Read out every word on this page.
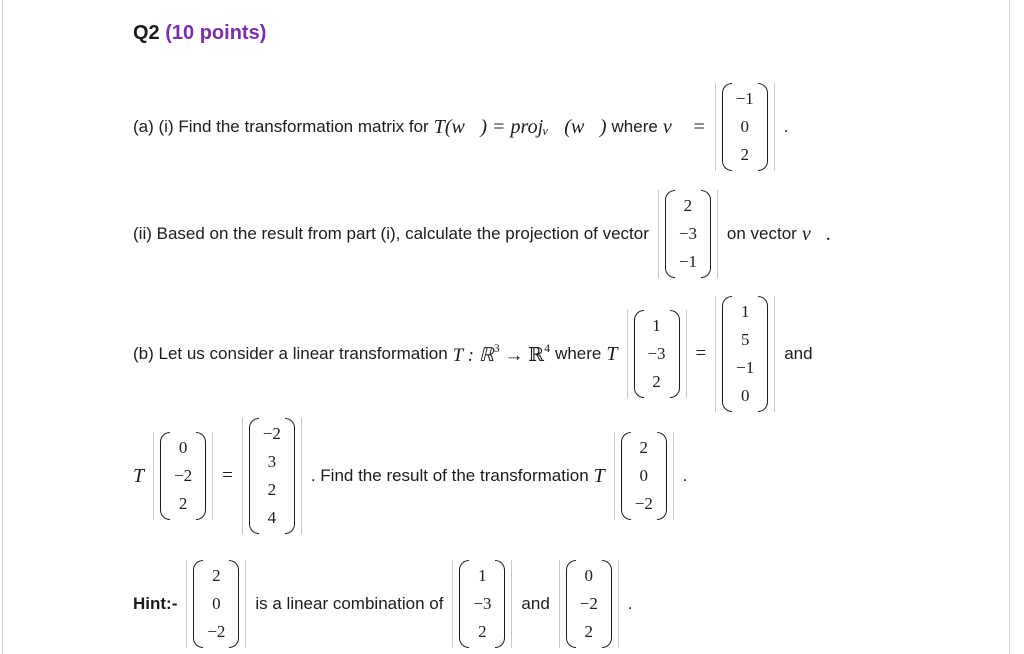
Q2 (10 points)
(a) (i) Find the transformation matrix for T(w⃗) = projᵥ⃗(w⃗) where v⃗ =
−1
0
2
.
(ii) Based on the result from part (i), calculate the projection of vector
2
−3
−1
on vector v⃗.
(b) Let us consider a linear transformation T : ℝ$^3$ → ℝ$^4$ where T
1
−3
2
=
1
5
−1
0
and
T
0
−2
2
=
−2
3
2
4
. Find the result of the transformation T
2
0
−2
.
Hint:-
2
0
−2
is a linear combination of
1
−3
2
and
0
−2
2
.
